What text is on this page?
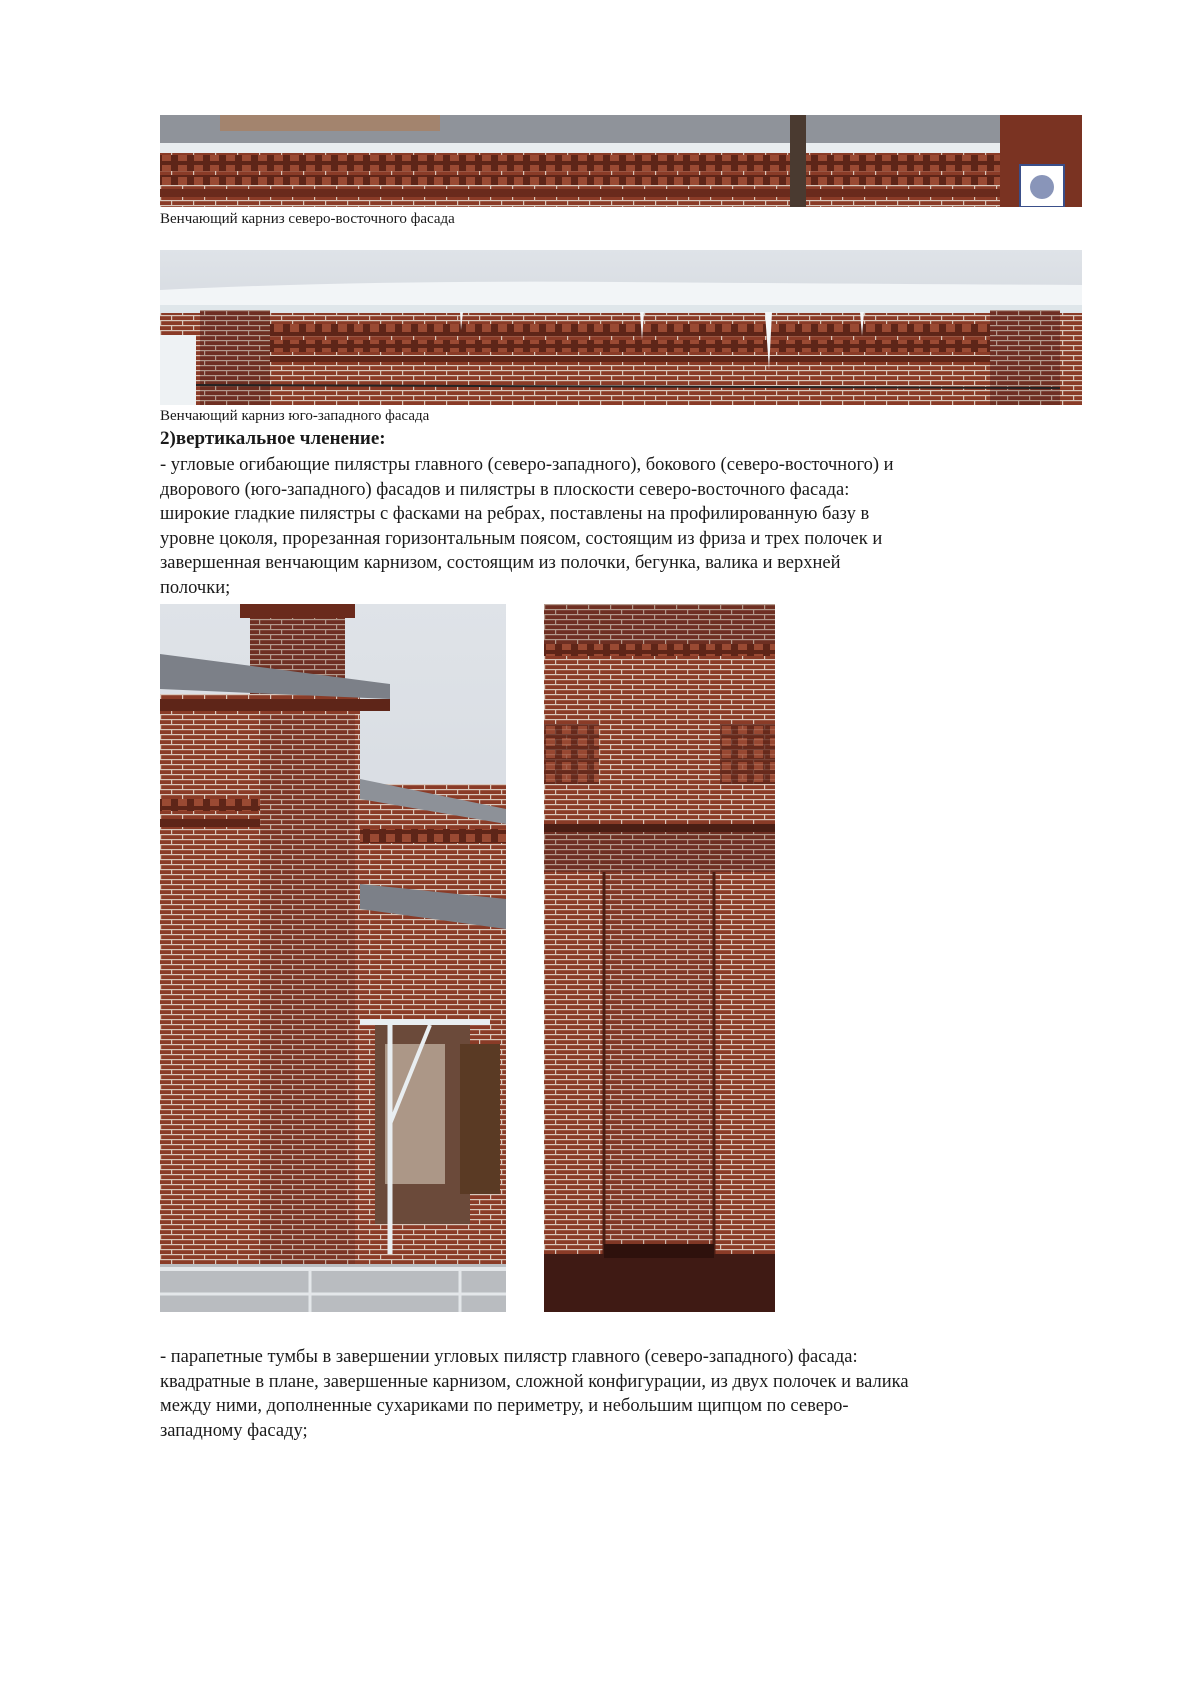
Венчающий карниз северо-восточного фасада
Венчающий карниз юго-западного фасада
2)вертикальное членение:
- угловые огибающие пилястры главного (северо-западного), бокового (северо-восточного) и
дворового (юго-западного) фасадов и пилястры в плоскости северо-восточного фасада:
широкие гладкие пилястры с фасками на ребрах, поставлены на профилированную базу в
уровне цоколя, прорезанная горизонтальным поясом, состоящим из фриза и трех полочек и
завершенная венчающим карнизом, состоящим из полочки, бегунка, валика и верхней
полочки;
- парапетные тумбы в завершении угловых пилястр главного (северо-западного) фасада:
квадратные в плане, завершенные карнизом, сложной конфигурации, из двух полочек и валика
между ними, дополненные сухариками по периметру, и небольшим щипцом по северо-
западному фасаду;
